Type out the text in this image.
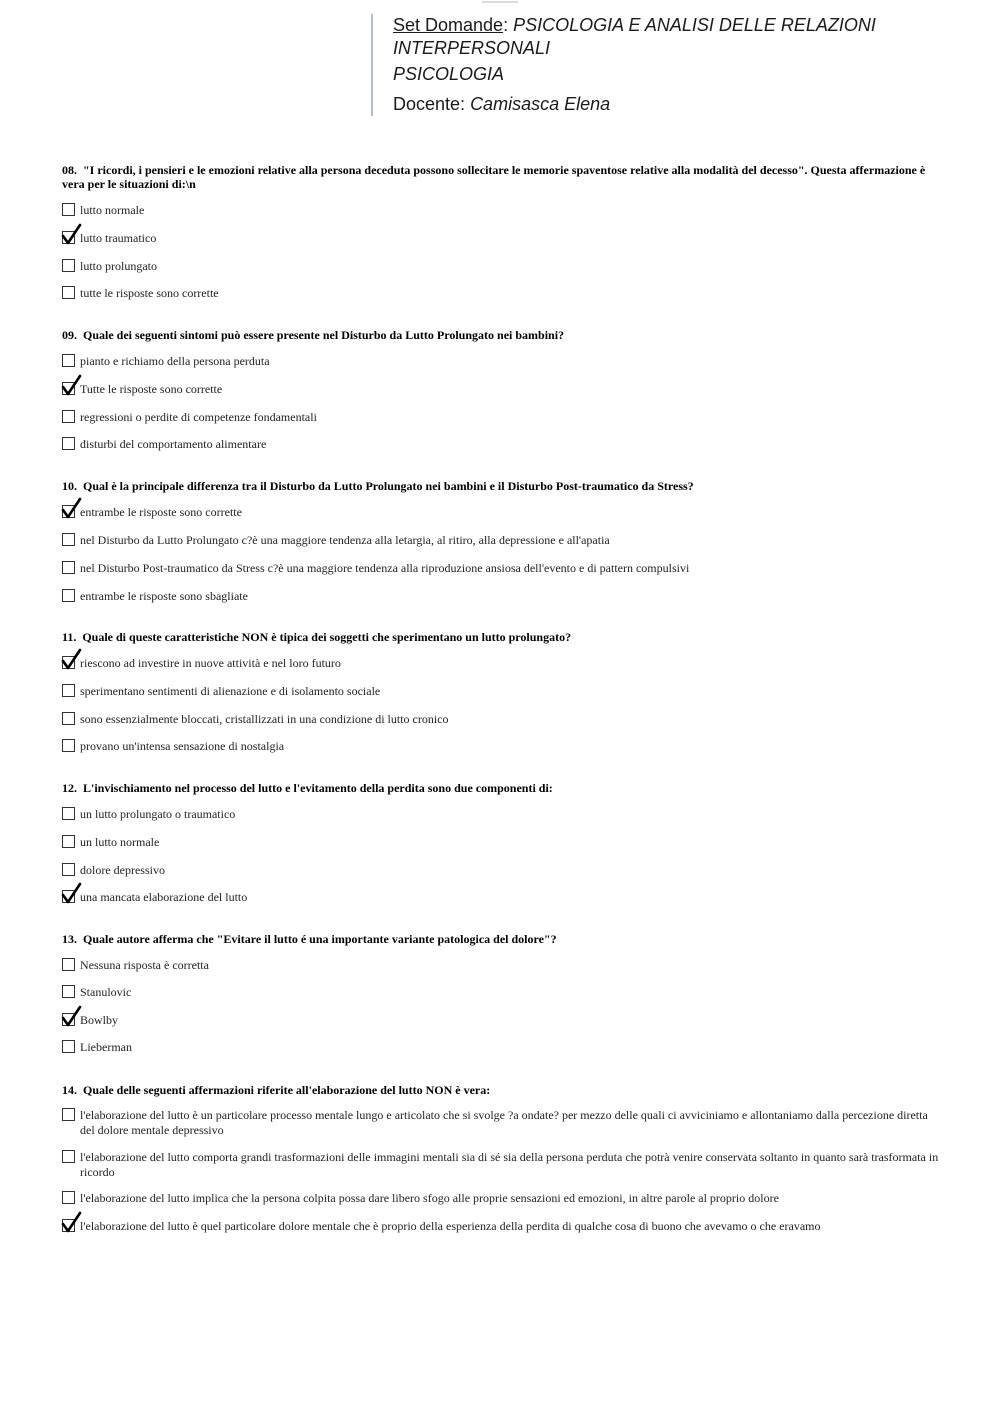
Set Domande: PSICOLOGIA E ANALISI DELLE RELAZIONI
INTERPERSONALI
PSICOLOGIA
Docente: Camisasca Elena
08. "I ricordi, i pensieri e le emozioni relative alla persona deceduta possono sollecitare le memorie spaventose relative alla modalità del decesso". Questa affermazione è vera per le situazioni di:\n
lutto normale
lutto traumatico
lutto prolungato
tutte le risposte sono corrette
09. Quale dei seguenti sintomi può essere presente nel Disturbo da Lutto Prolungato nei bambini?
pianto e richiamo della persona perduta
Tutte le risposte sono corrette
regressioni o perdite di competenze fondamentali
disturbi del comportamento alimentare
10. Qual è la principale differenza tra il Disturbo da Lutto Prolungato nei bambini e il Disturbo Post-traumatico da Stress?
entrambe le risposte sono corrette
nel Disturbo da Lutto Prolungato c?è una maggiore tendenza alla letargia, al ritiro, alla depressione e all'apatia
nel Disturbo Post-traumatico da Stress c?è una maggiore tendenza alla riproduzione ansiosa dell'evento e di pattern compulsivi
entrambe le risposte sono sbagliate
11. Quale di queste caratteristiche NON è tipica dei soggetti che sperimentano un lutto prolungato?
riescono ad investire in nuove attività e nel loro futuro
sperimentano sentimenti di alienazione e di isolamento sociale
sono essenzialmente bloccati, cristallizzati in una condizione di lutto cronico
provano un'intensa sensazione di nostalgia
12. L'invischiamento nel processo del lutto e l'evitamento della perdita sono due componenti di:
un lutto prolungato o traumatico
un lutto normale
dolore depressivo
una mancata elaborazione del lutto
13. Quale autore afferma che "Evitare il lutto é una importante variante patologica del dolore"?
Nessuna risposta è corretta
Stanulovic
Bowlby
Lieberman
14. Quale delle seguenti affermazioni riferite all'elaborazione del lutto NON è vera:
l'elaborazione del lutto è un particolare processo mentale lungo e articolato che si svolge ?a ondate? per mezzo delle quali ci avviciniamo e allontaniamo dalla percezione diretta del dolore mentale depressivo
l'elaborazione del lutto comporta grandi trasformazioni delle immagini mentali sia di sé sia della persona perduta che potrà venire conservata soltanto in quanto sarà trasformata in ricordo
l'elaborazione del lutto implica che la persona colpita possa dare libero sfogo alle proprie sensazioni ed emozioni, in altre parole al proprio dolore
l'elaborazione del lutto è quel particolare dolore mentale che è proprio della esperienza della perdita di qualche cosa di buono che avevamo o che eravamo
